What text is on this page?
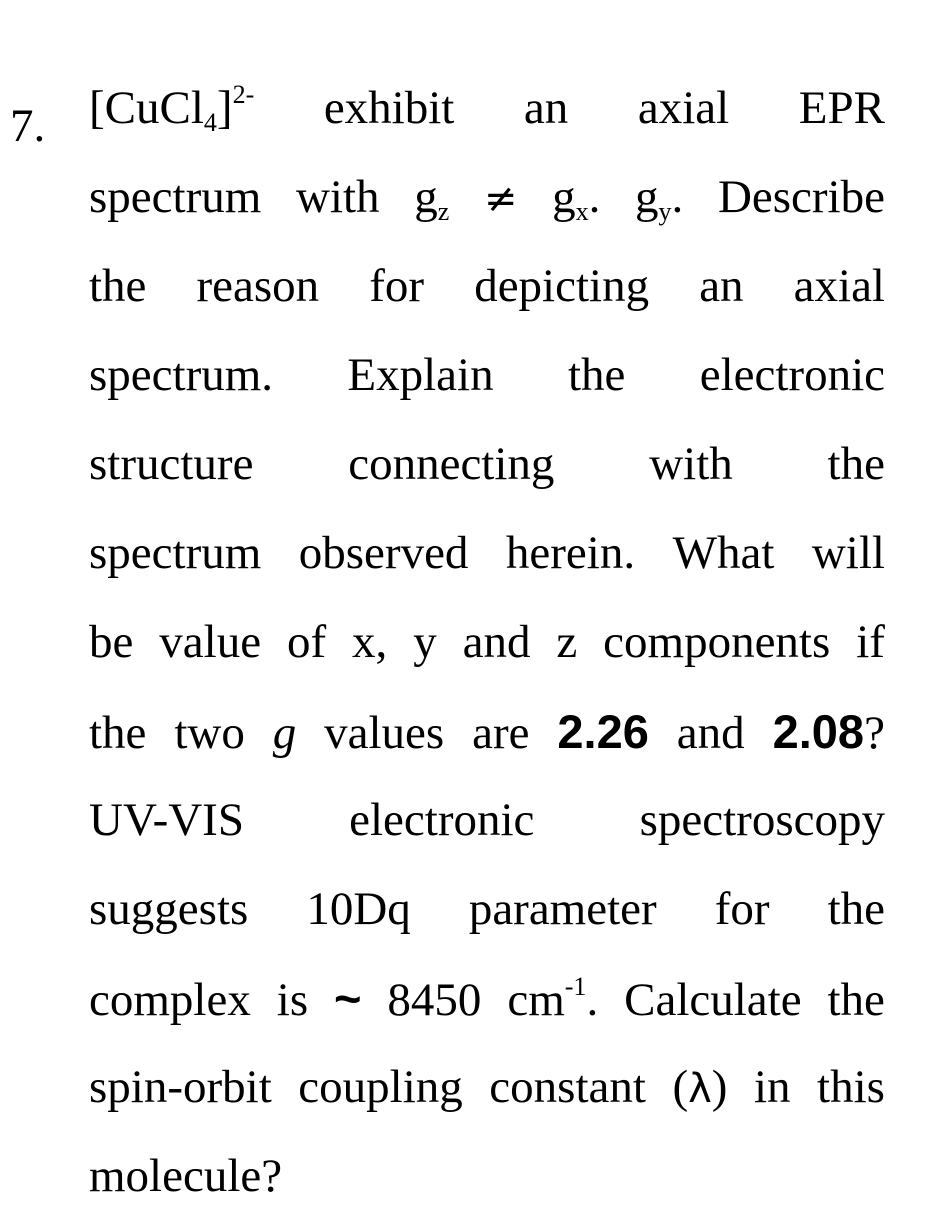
7. [CuCl$_4$]$^{2-}$ exhibit an axial EPR
spectrum with $g_z \ne g_x$. $g_y$. Describe
the reason for depicting an axial
spectrum. Explain the electronic
structure connecting with the
spectrum observed herein. What will
be value of x, y and z components if
the two g values are 2.26 and 2.08?
UV-VIS electronic spectroscopy
suggests 10Dq parameter for the
complex is ~ 8450 $cm^{-1}$. Calculate the
spin-orbit coupling constant (λ) in this
molecule?
